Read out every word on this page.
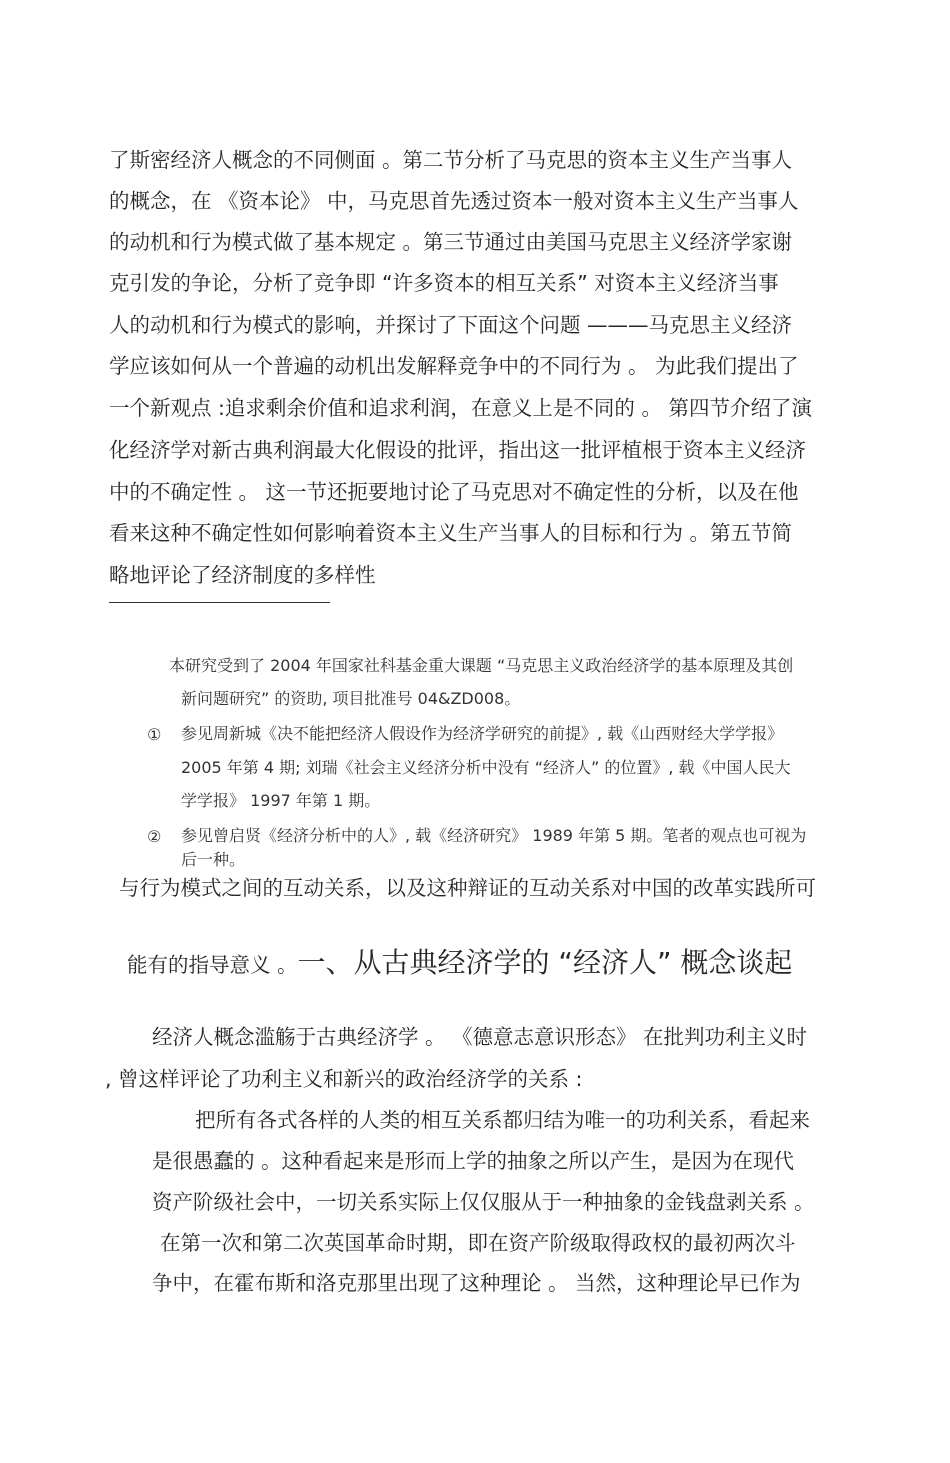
了斯密经济人概念的不同侧面 。第二节分析了马克思的资本主义生产当事人

的概念，在 《资本论》 中，马克思首先透过资本一般对资本主义生产当事人

的动机和行为模式做了基本规定 。第三节通过由美国马克思主义经济学家谢

克引发的争论，分析了竞争即 “许多资本的相互关系” 对资本主义经济当事

人的动机和行为模式的影响，并探讨了下面这个问题 ———马克思主义经济

学应该如何从一个普遍的动机出发解释竞争中的不同行为 。 为此我们提出了

一个新观点 :追求剩余价值和追求利润，在意义上是不同的 。 第四节介绍了演

化经济学对新古典利润最大化假设的批评，指出这一批评植根于资本主义经济

中的不确定性 。 这一节还扼要地讨论了马克思对不确定性的分析，以及在他

看来这种不确定性如何影响着资本主义生产当事人的目标和行为 。第五节简

略地评论了经济制度的多样性

本研究受到了 2004 年国家社科基金重大课题 “马克思主义政治经济学的基本原理及其创

新问题研究” 的资助, 项目批准号 04&ZD008。

① 参见周新城《决不能把经济人假设作为经济学研究的前提》, 载《山西财经大学学报》

2005 年第 4 期; 刘瑞《社会主义经济分析中没有 “经济人” 的位置》, 载《中国人民大

学学报》 1997 年第 1 期。

② 参见曾启贤《经济分析中的人》, 载《经济研究》 1989 年第 5 期。笔者的观点也可视为

后一种。

与行为模式之间的互动关系，以及这种辩证的互动关系对中国的改革实践所可

能有的指导意义 。一、从古典经济学的 “经济人” 概念谈起

经济人概念滥觞于古典经济学 。 《德意志意识形态》 在批判功利主义时

, 曾这样评论了功利主义和新兴的政治经济学的关系 :

把所有各式各样的人类的相互关系都归结为唯一的功利关系，看起来

是很愚蠢的 。这种看起来是形而上学的抽象之所以产生，是因为在现代

资产阶级社会中，一切关系实际上仅仅服从于一种抽象的金钱盘剥关系 。

在第一次和第二次英国革命时期，即在资产阶级取得政权的最初两次斗

争中，在霍布斯和洛克那里出现了这种理论 。 当然，这种理论早已作为
